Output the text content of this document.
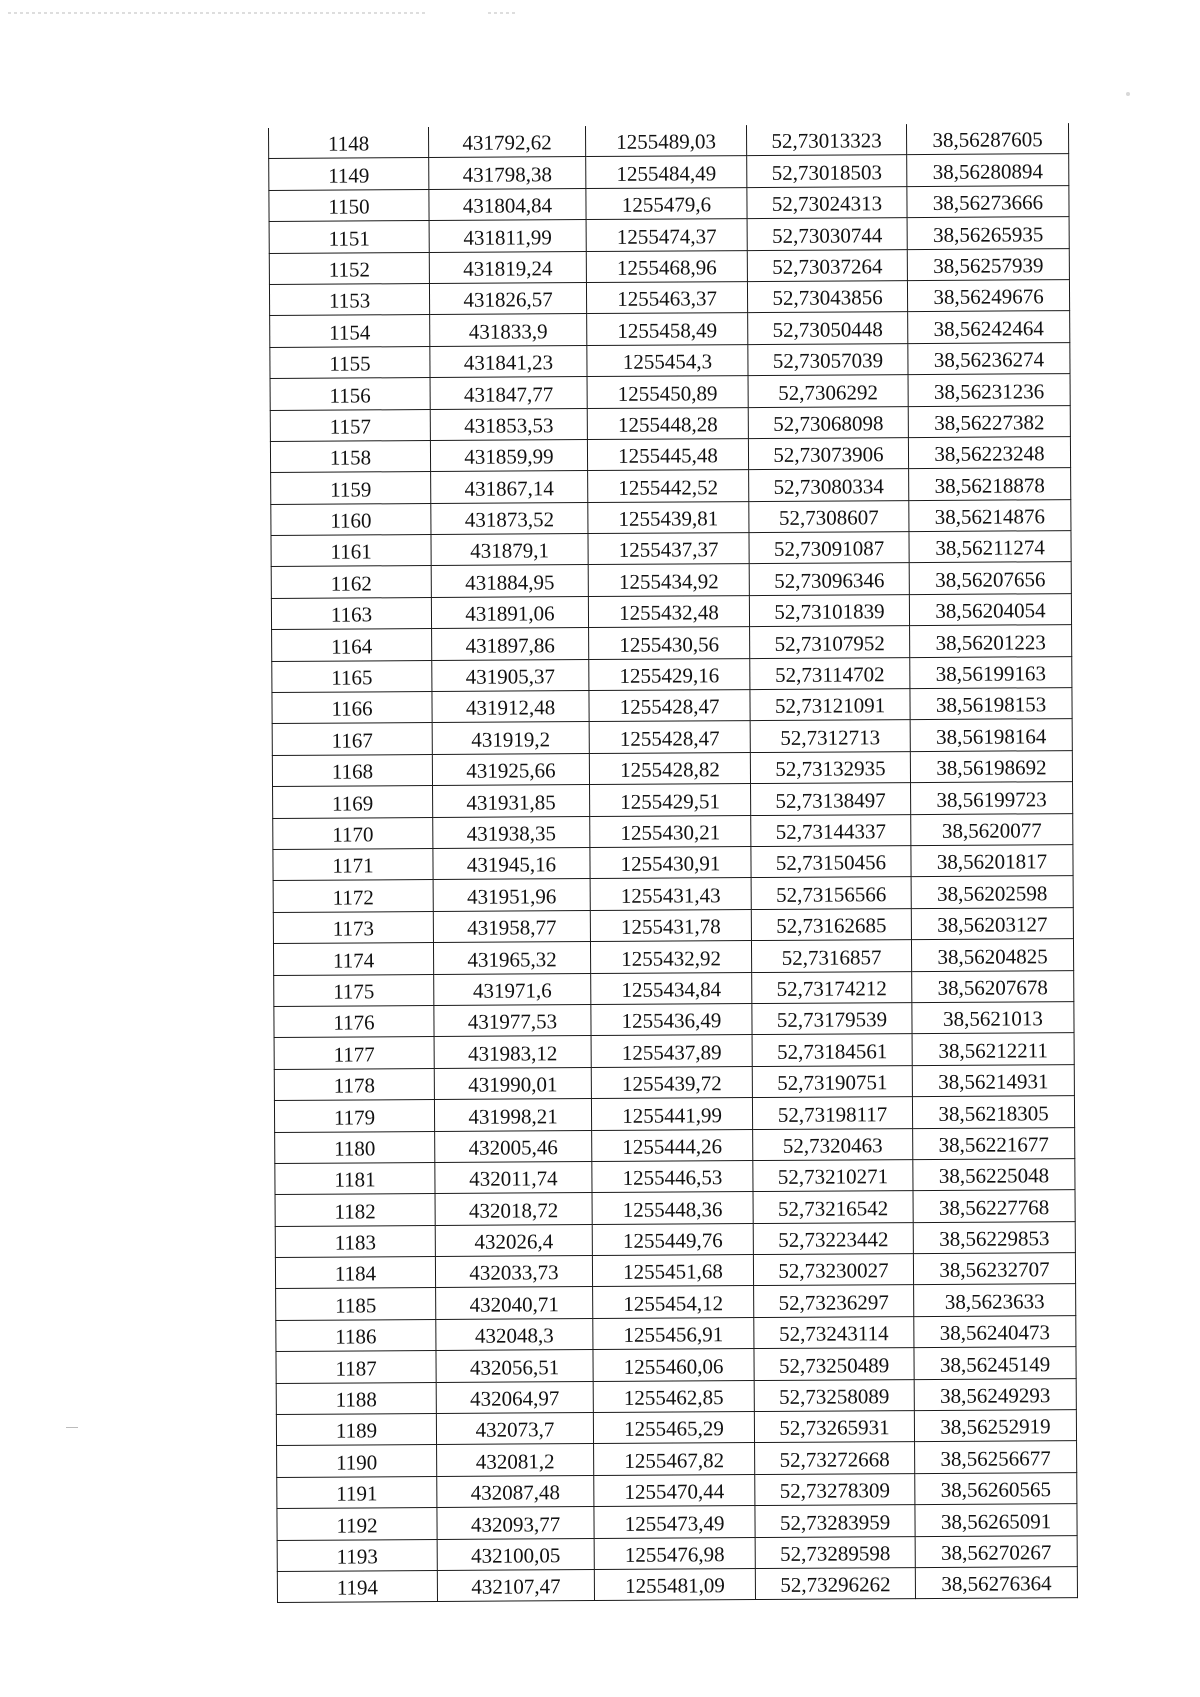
1148	431792,62	1255489,03	52,73013323	38,56287605
1149	431798,38	1255484,49	52,73018503	38,56280894
1150	431804,84	1255479,6	52,73024313	38,56273666
1151	431811,99	1255474,37	52,73030744	38,56265935
1152	431819,24	1255468,96	52,73037264	38,56257939
1153	431826,57	1255463,37	52,73043856	38,56249676
1154	431833,9	1255458,49	52,73050448	38,56242464
1155	431841,23	1255454,3	52,73057039	38,56236274
1156	431847,77	1255450,89	52,7306292	38,56231236
1157	431853,53	1255448,28	52,73068098	38,56227382
1158	431859,99	1255445,48	52,73073906	38,56223248
1159	431867,14	1255442,52	52,73080334	38,56218878
1160	431873,52	1255439,81	52,7308607	38,56214876
1161	431879,1	1255437,37	52,73091087	38,56211274
1162	431884,95	1255434,92	52,73096346	38,56207656
1163	431891,06	1255432,48	52,73101839	38,56204054
1164	431897,86	1255430,56	52,73107952	38,56201223
1165	431905,37	1255429,16	52,73114702	38,56199163
1166	431912,48	1255428,47	52,73121091	38,56198153
1167	431919,2	1255428,47	52,7312713	38,56198164
1168	431925,66	1255428,82	52,73132935	38,56198692
1169	431931,85	1255429,51	52,73138497	38,56199723
1170	431938,35	1255430,21	52,73144337	38,5620077
1171	431945,16	1255430,91	52,73150456	38,56201817
1172	431951,96	1255431,43	52,73156566	38,56202598
1173	431958,77	1255431,78	52,73162685	38,56203127
1174	431965,32	1255432,92	52,7316857	38,56204825
1175	431971,6	1255434,84	52,73174212	38,56207678
1176	431977,53	1255436,49	52,73179539	38,5621013
1177	431983,12	1255437,89	52,73184561	38,56212211
1178	431990,01	1255439,72	52,73190751	38,56214931
1179	431998,21	1255441,99	52,73198117	38,56218305
1180	432005,46	1255444,26	52,7320463	38,56221677
1181	432011,74	1255446,53	52,73210271	38,56225048
1182	432018,72	1255448,36	52,73216542	38,56227768
1183	432026,4	1255449,76	52,73223442	38,56229853
1184	432033,73	1255451,68	52,73230027	38,56232707
1185	432040,71	1255454,12	52,73236297	38,5623633
1186	432048,3	1255456,91	52,73243114	38,56240473
1187	432056,51	1255460,06	52,73250489	38,56245149
1188	432064,97	1255462,85	52,73258089	38,56249293
1189	432073,7	1255465,29	52,73265931	38,56252919
1190	432081,2	1255467,82	52,73272668	38,56256677
1191	432087,48	1255470,44	52,73278309	38,56260565
1192	432093,77	1255473,49	52,73283959	38,56265091
1193	432100,05	1255476,98	52,73289598	38,56270267
1194	432107,47	1255481,09	52,73296262	38,56276364
